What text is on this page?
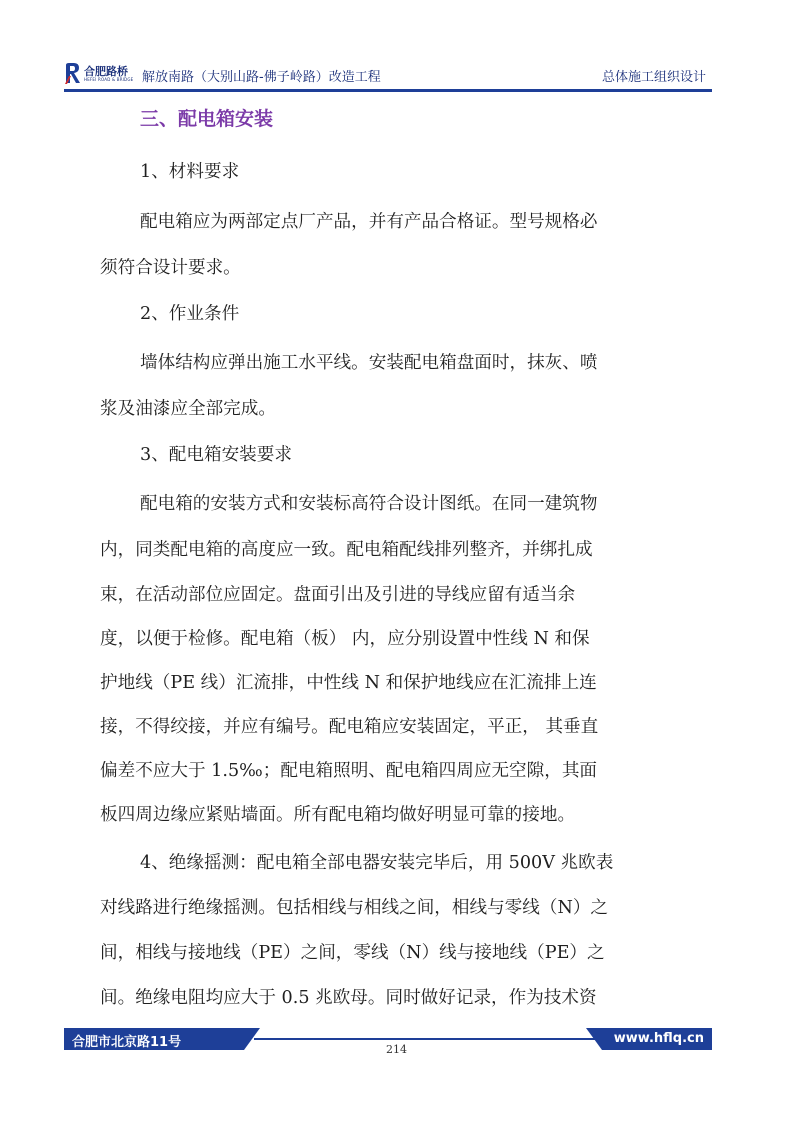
合肥路桥
HEFEI ROAD & BRIDGE 解放南路（大别山路-佛子岭路）改造工程	总体施工组织设计
三、配电箱安装
1、材料要求
配电箱应为两部定点厂产品，并有产品合格证。型号规格必
须符合设计要求。
2、作业条件
墙体结构应弹出施工水平线。安装配电箱盘面时，抹灰、喷
浆及油漆应全部完成。
3、配电箱安装要求
配电箱的安装方式和安装标高符合设计图纸。在同一建筑物
内，同类配电箱的高度应一致。配电箱配线排列整齐，并绑扎成
束，在活动部位应固定。盘面引出及引进的导线应留有适当余
度，以便于检修。配电箱（板） 内，应分别设置中性线 N 和保
护地线（PE 线）汇流排，中性线 N 和保护地线应在汇流排上连
接，不得绞接，并应有编号。配电箱应安装固定，平正， 其垂直
偏差不应大于 1.5‰；配电箱照明、配电箱四周应无空隙，其面
板四周边缘应紧贴墙面。所有配电箱均做好明显可靠的接地。
4、绝缘摇测：配电箱全部电器安装完毕后，用 500V 兆欧表
对线路进行绝缘摇测。包括相线与相线之间，相线与零线（N）之
间，相线与接地线（PE）之间，零线（N）线与接地线（PE）之
间。绝缘电阻均应大于 0.5 兆欧母。同时做好记录，作为技术资
合肥市北京路11号	www.hflq.cn
214
